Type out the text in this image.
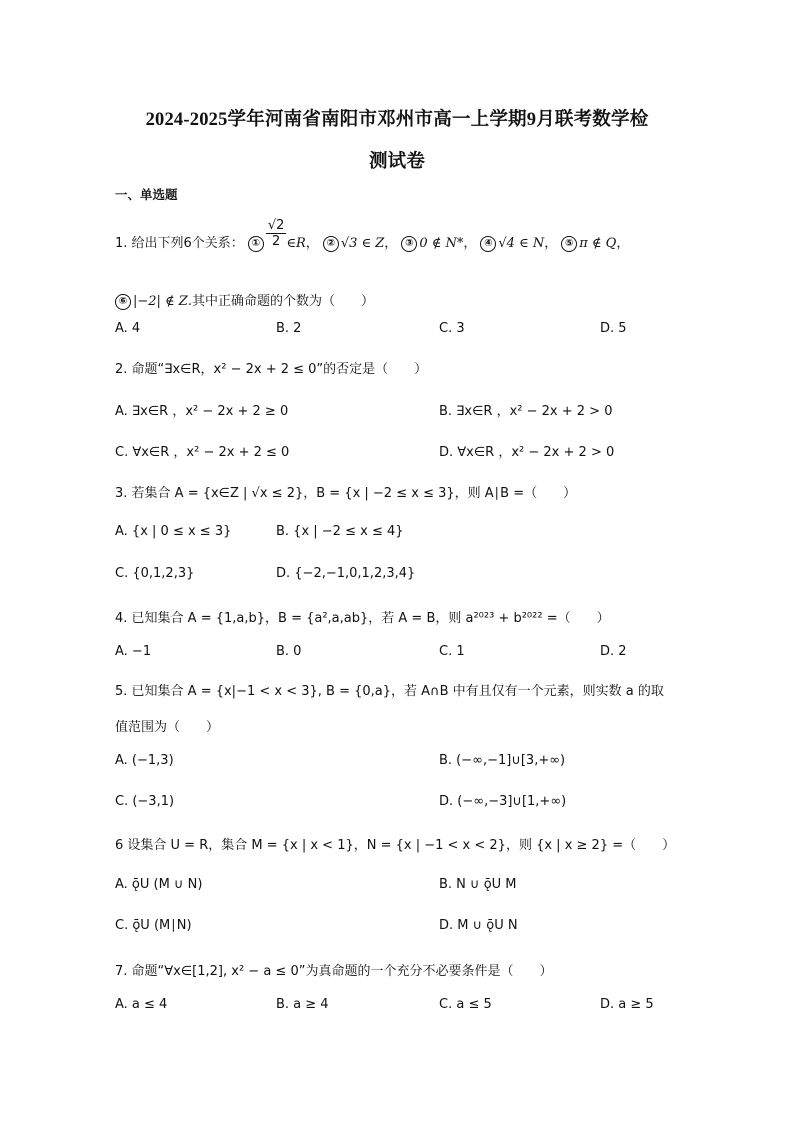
2024-2025学年河南省南阳市邓州市高一上学期9月联考数学检
测试卷
一、单选题
1. 给出下列6个关系： ① $\frac{√2}{2}$ ∈R， ② √3 ∈ Z， ③ 0 ∉ N*， ④ √4 ∈ N， ⑤ π ∉ Q，
⑥ |−2| ∉ Z.其中正确命题的个数为（　　）
A. 4	B. 2	C. 3	D. 5
2. 命题“∃x∈R，x² − 2x + 2 ≤ 0”的否定是（　　）
A. ∃x∈R ，x² − 2x + 2 ≥ 0	B. ∃x∈R ，x² − 2x + 2 > 0
C. ∀x∈R ，x² − 2x + 2 ≤ 0	D. ∀x∈R ，x² − 2x + 2 > 0
3. 若集合 A = {x∈Z | √x ≤ 2}，B = {x | −2 ≤ x ≤ 3}，则 A∣B =（　　）
A. {x | 0 ≤ x ≤ 3}	B. {x | −2 ≤ x ≤ 4}
C. {0,1,2,3}	D. {−2,−1,0,1,2,3,4}
4. 已知集合 A = {1,a,b}，B = {a²,a,ab}，若 A = B，则 a²⁰²³ + b²⁰²² =（　　）
A. −1	B. 0	C. 1	D. 2
5. 已知集合 A = {x|−1 < x < 3}, B = {0,a}，若 A∩B 中有且仅有一个元素，则实数 a 的取
值范围为（　　）
A. (−1,3)	B. (−∞,−1]∪[3,+∞)
C. (−3,1)	D. (−∞,−3]∪[1,+∞)
6 设集合 U = R，集合 M = {x | x < 1}，N = {x | −1 < x < 2}，则 {x | x ≥ 2} =（　　）
A. ǭU (M ∪ N)	B. N ∪ ǭU M
C. ǭU (M∣N)	D. M ∪ ǭU N
7. 命题“∀x∈[1,2], x² − a ≤ 0”为真命题的一个充分不必要条件是（　　）
A. a ≤ 4	B. a ≥ 4	C. a ≤ 5	D. a ≥ 5
